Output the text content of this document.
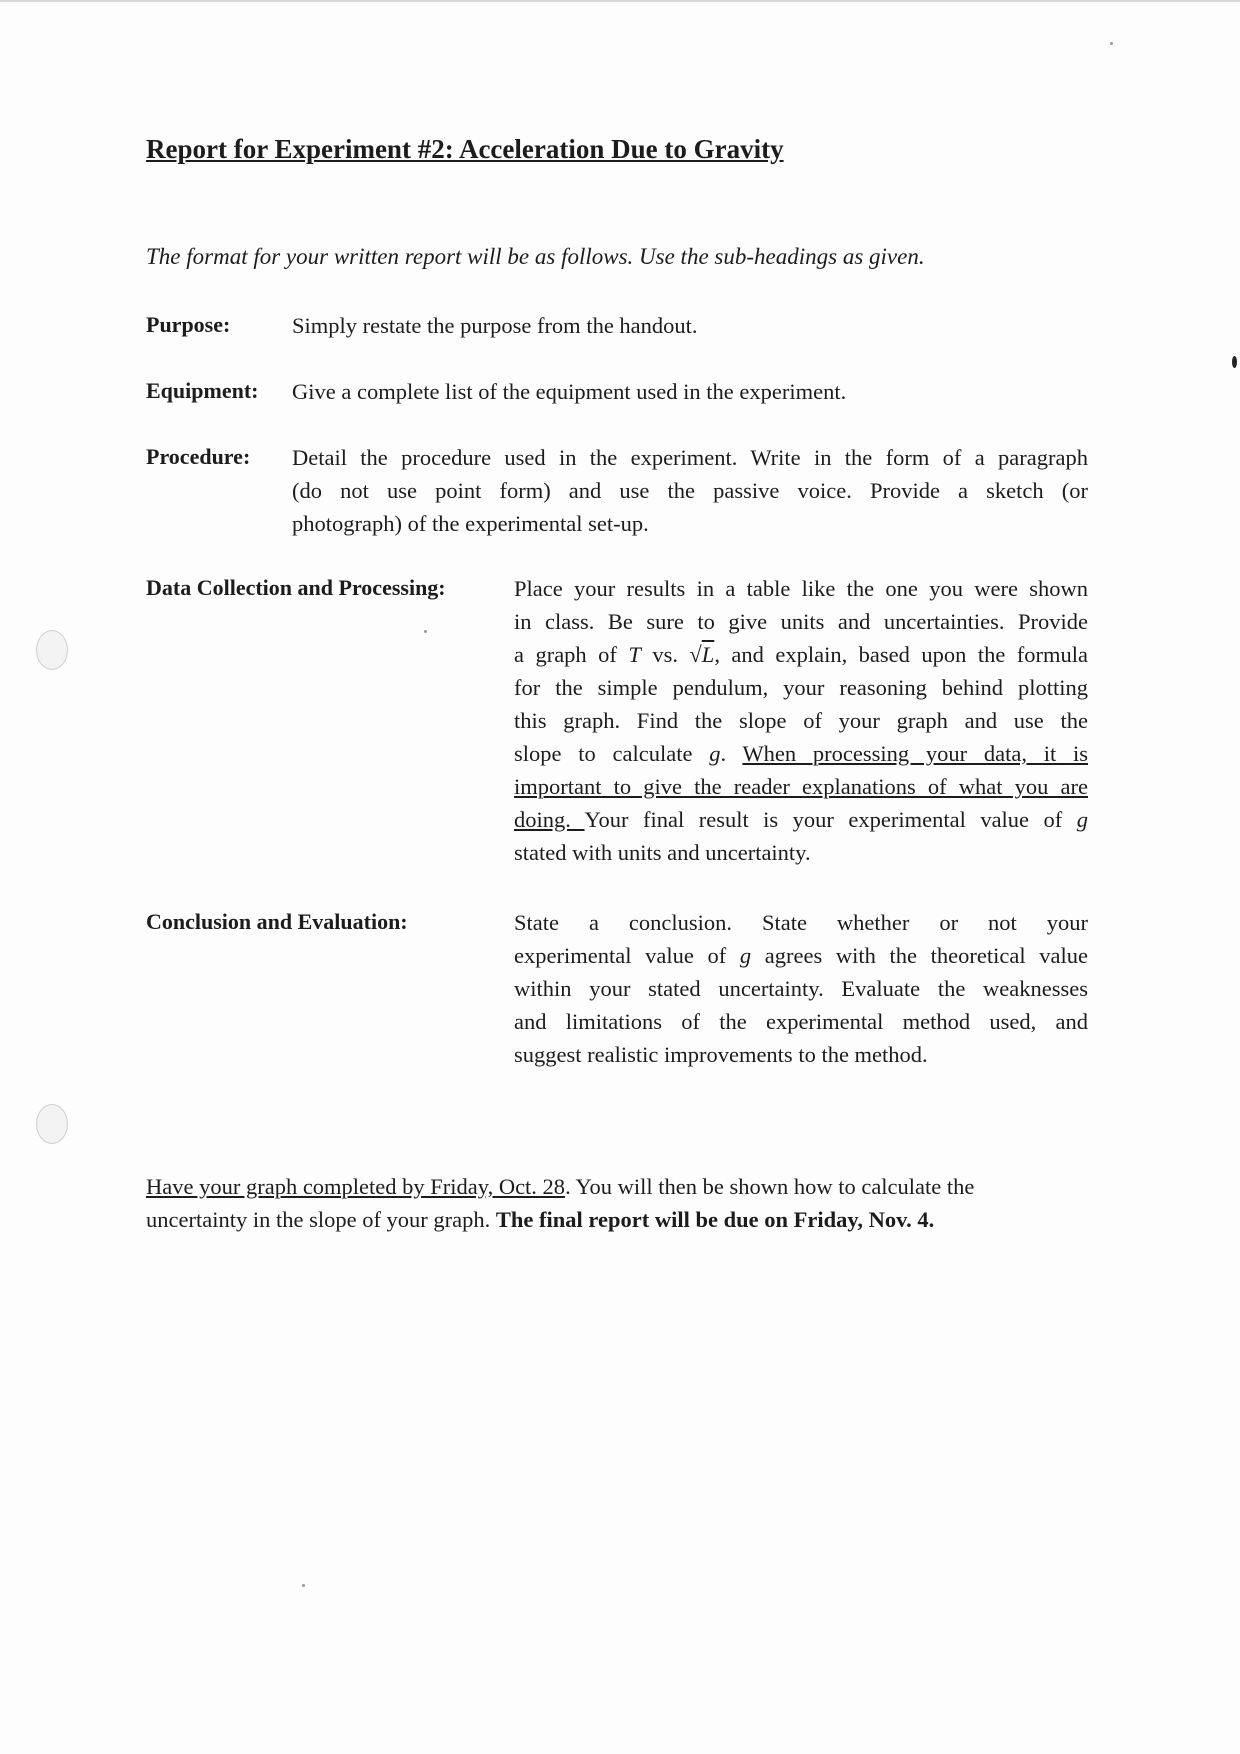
Report for Experiment #2: Acceleration Due to Gravity
The format for your written report will be as follows. Use the sub-headings as given.
Purpose:	Simply restate the purpose from the handout.
Equipment: Give a complete list of the equipment used in the experiment.
Procedure: Detail the procedure used in the experiment. Write in the form of a paragraph
(do not use point form) and use the passive voice. Provide a sketch (or
photograph) of the experimental set-up.
Data Collection and Processing:	Place your results in a table like the one you were shown
in class. Be sure to give units and uncertainties. Provide
a graph of T vs. √L, and explain, based upon the formula
for the simple pendulum, your reasoning behind plotting
this graph. Find the slope of your graph and use the
slope to calculate g. When processing your data, it is
important to give the reader explanations of what you are
doing. Your final result is your experimental value of g
stated with units and uncertainty.
Conclusion and Evaluation:	State a conclusion. State whether or not your
experimental value of g agrees with the theoretical value
within your stated uncertainty. Evaluate the weaknesses
and limitations of the experimental method used, and
suggest realistic improvements to the method.
Have your graph completed by Friday, Oct. 28. You will then be shown how to calculate the
uncertainty in the slope of your graph. The final report will be due on Friday, Nov. 4.
